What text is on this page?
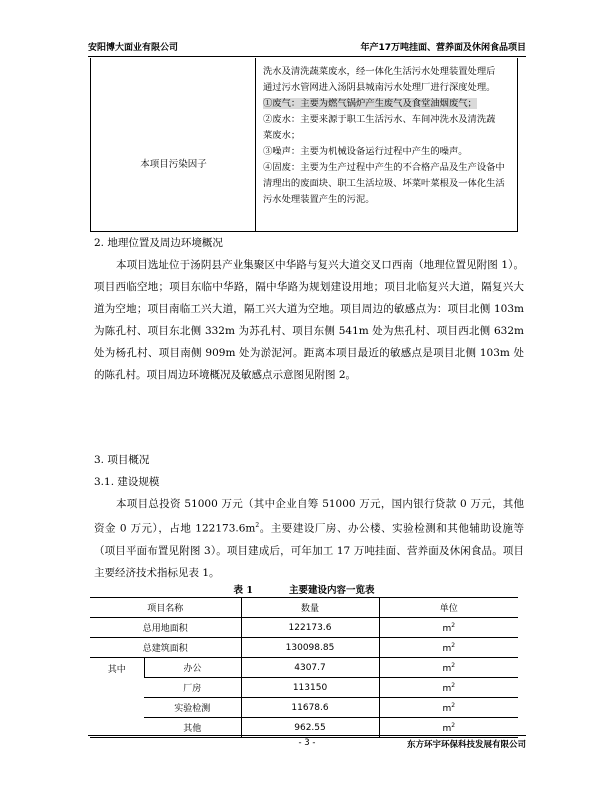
安阳博大面业有限公司	年产17万吨挂面、营养面及休闲食品项目
本项目污染因子

洗水及清洗蔬菜废水，经一体化生活污水处理装置处理后

通过污水管网进入汤阴县城南污水处理厂进行深度处理。

①废气：主要为燃气锅炉产生废气及食堂油烟废气；

②废水：主要来源于职工生活污水、车间冲洗水及清洗蔬

菜废水；

③噪声：主要为机械设备运行过程中产生的噪声。

④固废：主要为生产过程中产生的不合格产品及生产设备中

清理出的废面块、职工生活垃圾、坏菜叶菜根及一体化生活

污水处理装置产生的污泥。

2. 地理位置及周边环境概况

本项目选址位于汤阴县产业集聚区中华路与复兴大道交叉口西南（地理位置见附图 1）。项目西临空地；项目东临中华路，隔中华路为规划建设用地；项目北临复兴大道，隔复兴大道为空地；项目南临工兴大道，隔工兴大道为空地。项目周边的敏感点为：项目北侧 103m 为陈孔村、项目东北侧 332m 为苏孔村、项目东侧 541m 处为焦孔村、项目西北侧 632m 处为杨孔村、项目南侧 909m 处为淤泥河。距离本项目最近的敏感点是项目北侧 103m 处的陈孔村。项目周边环境概况及敏感点示意图见附图 2。

3. 项目概况

3.1. 建设规模

本项目总投资 51000 万元（其中企业自筹 51000 万元，国内银行贷款 0 万元，其他资金 0 万元），占地 $122173.6m^2$。主要建设厂房、办公楼、实验检测和其他辅助设施等（项目平面布置见附图 3）。项目建成后，可年加工 17 万吨挂面、营养面及休闲食品。项目主要经济技术指标见表 1。

表 1	主要建设内容一览表
项目名称		数量	单位
总用地面积		122173.6	$m^2$
总建筑面积		130098.85	$m^2$
其中	办公	4307.7	$m^2$
	厂房	113150	$m^2$
	实验检测	11678.6	$m^2$
	其他	962.55	$m^2$
- 3 -	东方环宇环保科技发展有限公司
